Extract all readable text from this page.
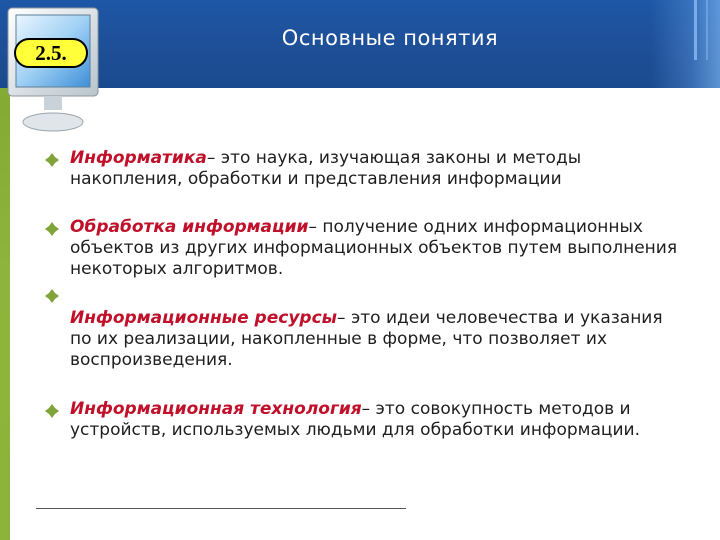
Основные понятия
2.5.
Информатика– это наука, изучающая законы и методы накопления, обработки и представления информации
Обработка информации– получение одних информационных объектов из других информационных объектов путем выполнения некоторых алгоритмов.
Информационные ресурсы– это идеи человечества и указания по их реализации, накопленные в форме, что позволяет их воспроизведения.
Информационная технология– это совокупность методов и устройств, используемых людьми для обработки информации.
